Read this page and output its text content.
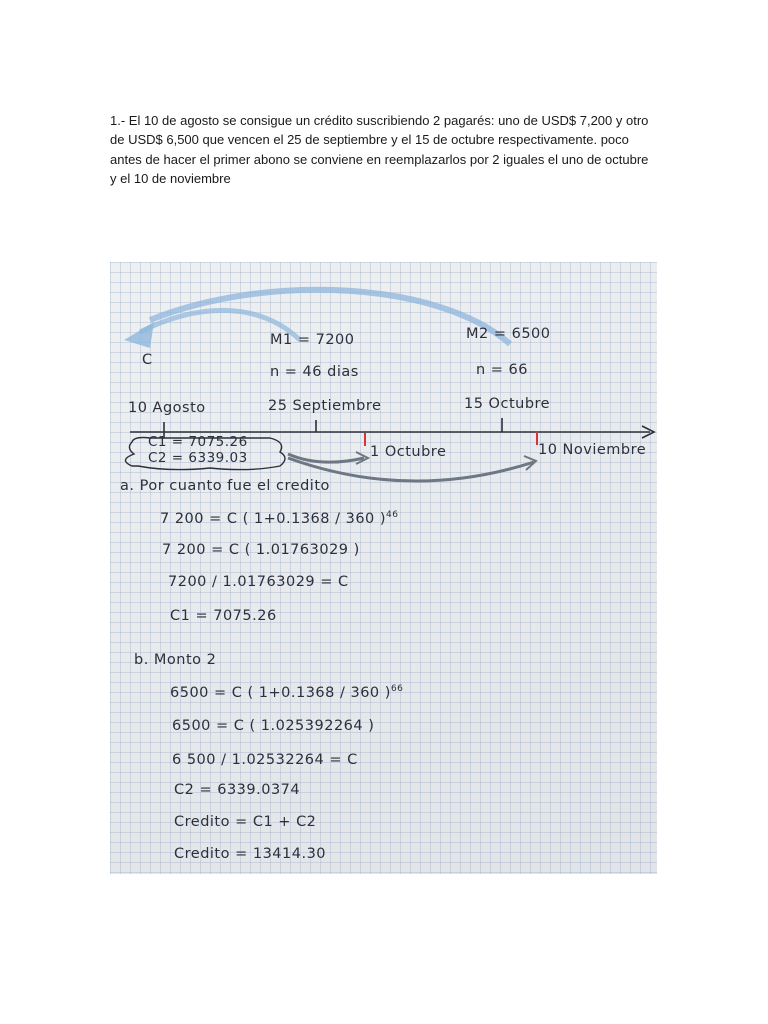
1.- El 10 de agosto se consigue un crédito suscribiendo 2 pagarés: uno de USD$ 7,200 y otro de USD$ 6,500 que vencen el 25 de septiembre y el 15 de octubre respectivamente. poco antes de hacer el primer abono se conviene en reemplazarlos por 2 iguales el uno de octubre y el 10 de noviembre
C
M1 = 7200	M2 = 6500
n = 46 dias	n = 66
10 Agosto	25 Septiembre	15 Octubre
C1 = 7075.26
C2 = 6339.03	1 Octubre	10 Noviembre
a. Por cuanto fue el credito
7 200 = C ( 1+0.1368 / 360 )$^{46}$
7 200 = C ( 1.01763029 )
7200 / 1.01763029 = C
C1 = 7075.26
b. Monto 2
6500 = C ( 1+0.1368 / 360 )$^{66}$
6500 = C ( 1.025392264 )
6 500 / 1.02532264 = C
C2 = 6339.0374
Credito = C1 + C2
Credito = 13414.30
